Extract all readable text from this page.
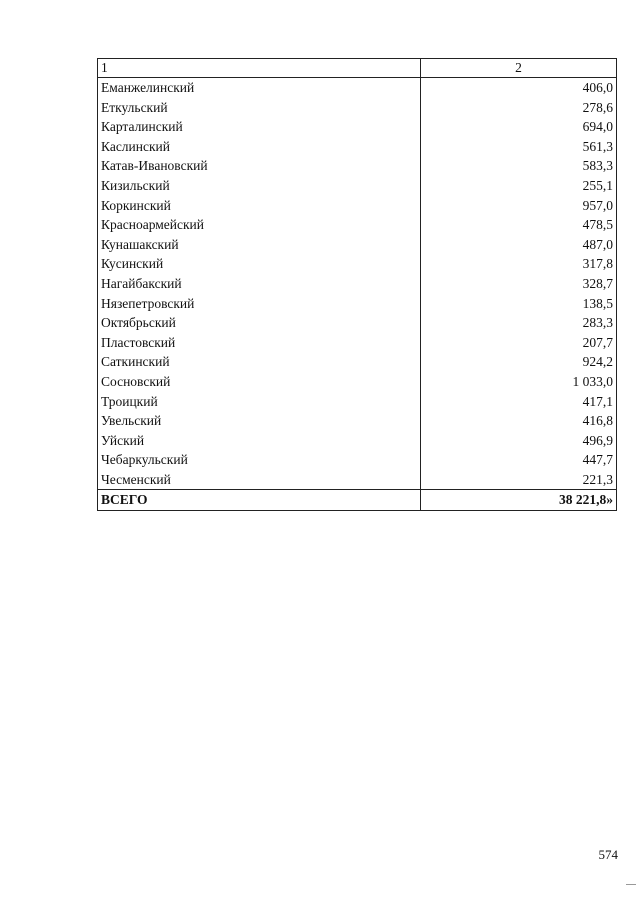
1	2
Еманжелинский	406,0
Еткульский	278,6
Карталинский	694,0
Каслинский	561,3
Катав-Ивановский	583,3
Кизильский	255,1
Коркинский	957,0
Красноармейский	478,5
Кунашакский	487,0
Кусинский	317,8
Нагайбакский	328,7
Нязепетровский	138,5
Октябрьский	283,3
Пластовский	207,7
Саткинский	924,2
Сосновский	1 033,0
Троицкий	417,1
Увельский	416,8
Уйский	496,9
Чебаркульский	447,7
Чесменский	221,3
ВСЕГО	38 221,8»
574
